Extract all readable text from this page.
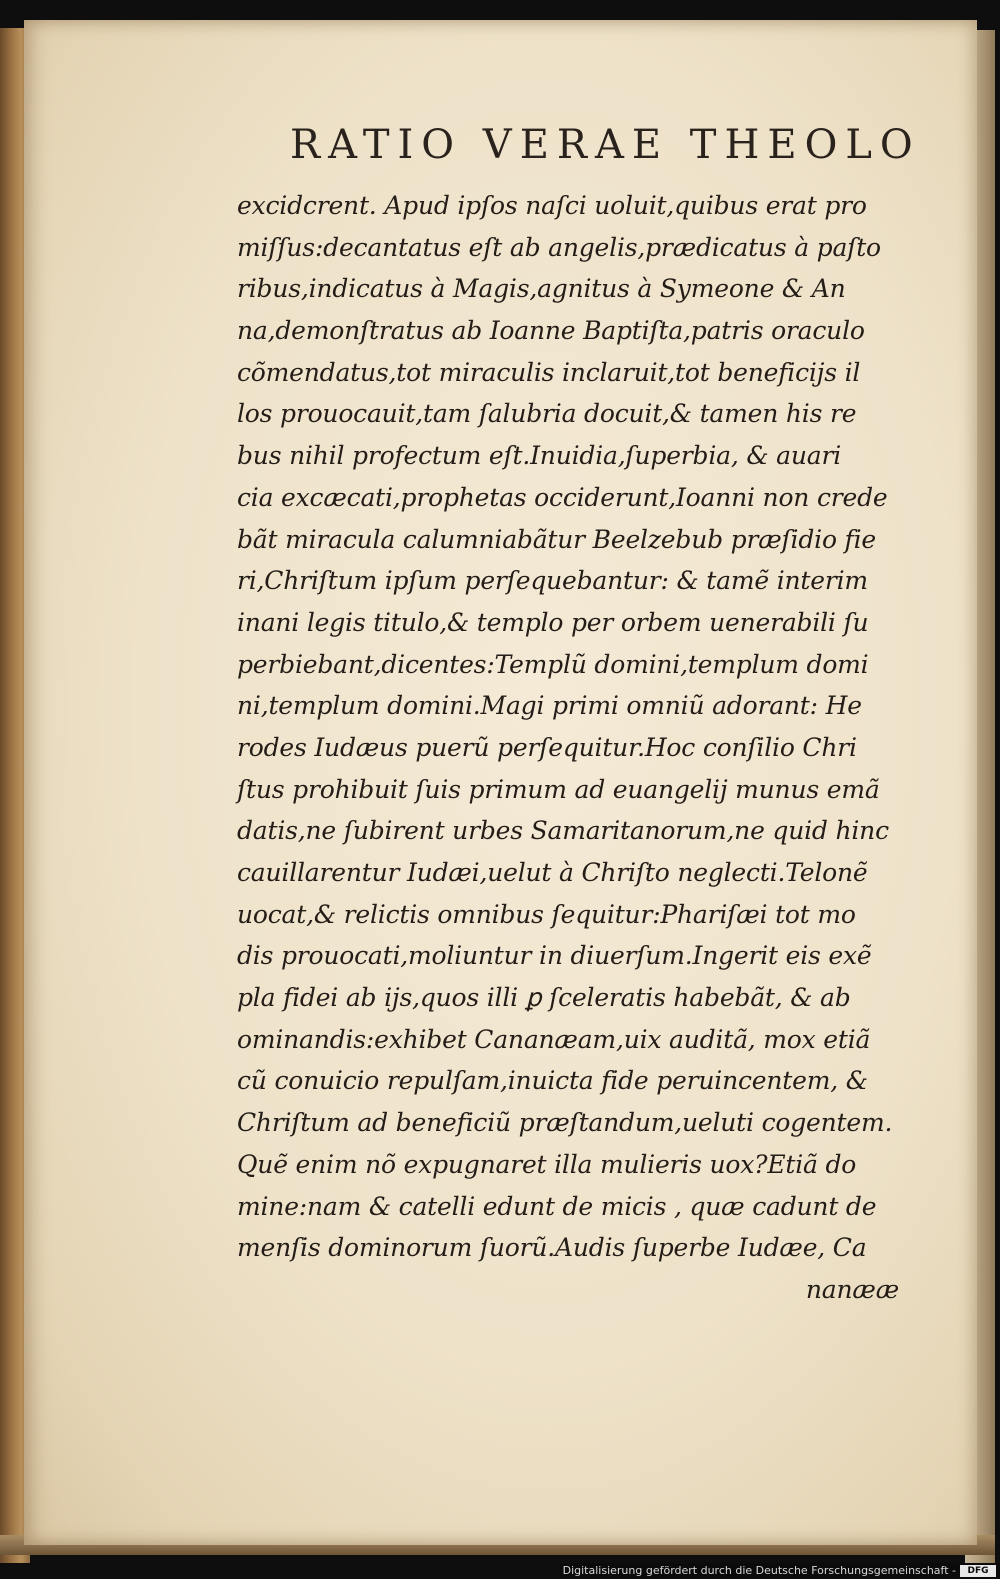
RATIO VERAE THEOLO
excidcrent. Apud ipſos naſci uoluit,quibus erat pro
miſſus:decantatus eſt ab angelis,prædicatus à paſto
ribus,indicatus à Magis,agnitus à Symeone & An
na,demonſtratus ab Ioanne Baptiſta,patris oraculo
cõmendatus,tot miraculis inclaruit,tot beneficijs il
los prouocauit,tam ſalubria docuit,& tamen his re
bus nihil profectum eſt.Inuidia,ſuperbia, & auari
cia excæcati,prophetas occiderunt,Ioanni non crede
bãt miracula calumniabãtur Beelzebub præſidio fie
ri,Chriſtum ipſum perſequebantur: & tamẽ interim
inani legis titulo,& templo per orbem uenerabili ſu
perbiebant,dicentes:Templũ domini,templum domi
ni,templum domini.Magi primi omniũ adorant: He
rodes Iudæus puerũ perſequitur.Hoc conſilio Chri
ſtus prohibuit ſuis primum ad euangelij munus emã
datis,ne ſubirent urbes Samaritanorum,ne quid hinc
cauillarentur Iudæi,uelut à Chriſto neglecti.Telonẽ
uocat,& relictis omnibus ſequitur:Phariſæi tot mo
dis prouocati,moliuntur in diuerſum.Ingerit eis exẽ
pla fidei ab ijs,quos illi ꝑ ſceleratis habebãt, & ab
ominandis:exhibet Cananæam,uix auditã, mox etiã
cũ conuicio repulſam,inuicta fide peruincentem, &
Chriſtum ad beneficiũ præſtandum,ueluti cogentem.
Quẽ enim nõ expugnaret illa mulieris uox?Etiã do
mine:nam & catelli edunt de micis , quæ cadunt de
menſis dominorum ſuorũ.Audis ſuperbe Iudæe, Ca
nanææ
Digitalisierung gefördert durch die Deutsche Forschungsgemeinschaft -	DFG
